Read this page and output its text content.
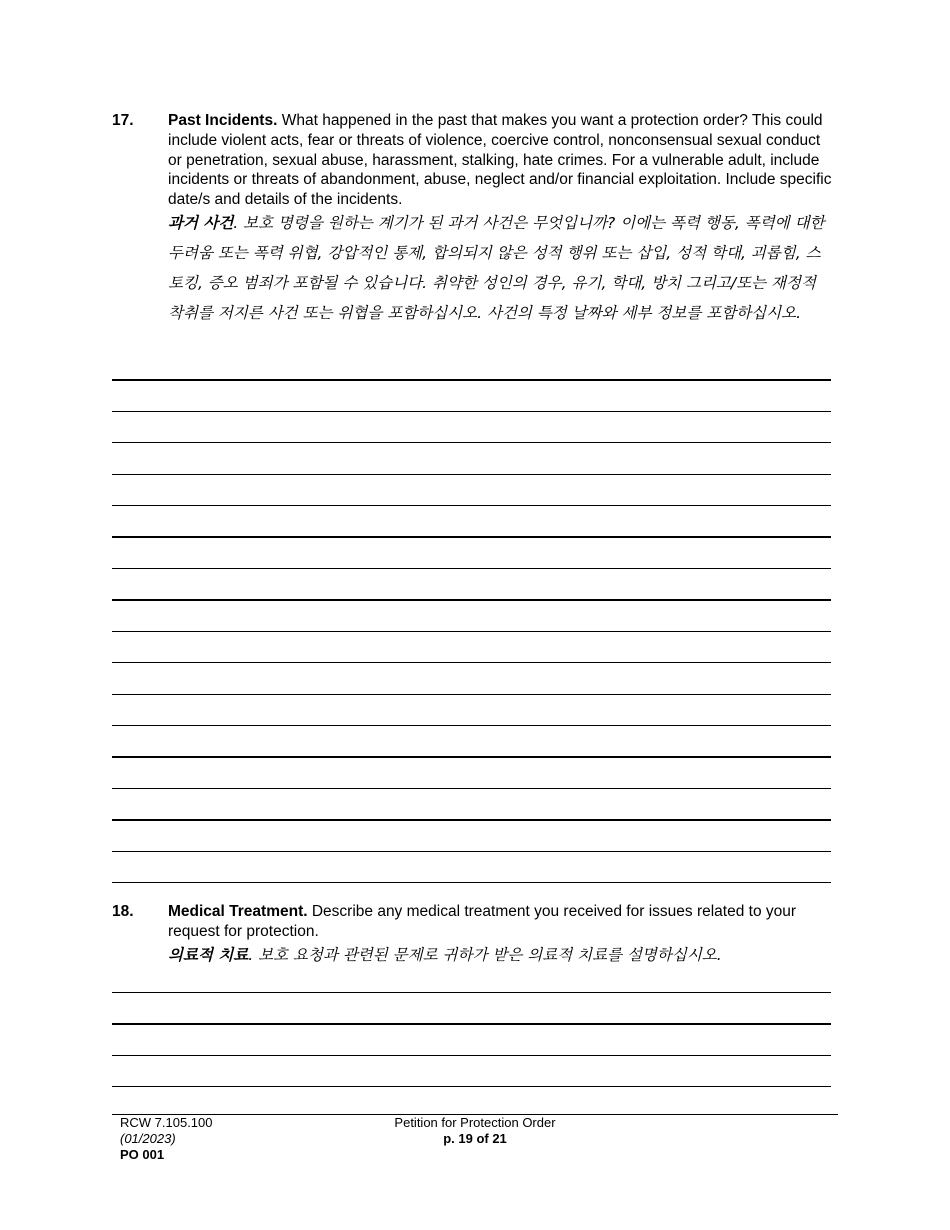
17. Past Incidents. What happened in the past that makes you want a protection order? This could include violent acts, fear or threats of violence, coercive control, nonconsensual sexual conduct or penetration, sexual abuse, harassment, stalking, hate crimes. For a vulnerable adult, include incidents or threats of abandonment, abuse, neglect and/or financial exploitation. Include specific date/s and details of the incidents.
과거 사건. 보호 명령을 원하는 계기가 된 과거 사건은 무엇입니까? 이에는 폭력 행동, 폭력에 대한 두려움 또는 폭력 위협, 강압적인 통제, 합의되지 않은 성적 행위 또는 삽입, 성적 학대, 괴롭힘, 스토킹, 증오 범죄가 포함될 수 있습니다. 취약한 성인의 경우, 유기, 학대, 방치 그리고/또는 재정적 착취를 저지른 사건 또는 위협을 포함하십시오. 사건의 특정 날짜와 세부 정보를 포함하십시오.
18. Medical Treatment. Describe any medical treatment you received for issues related to your request for protection.
의료적 치료. 보호 요청과 관련된 문제로 귀하가 받은 의료적 치료를 설명하십시오.
RCW 7.105.100
(01/2023)
PO 001
Petition for Protection Order
p. 19 of 21
